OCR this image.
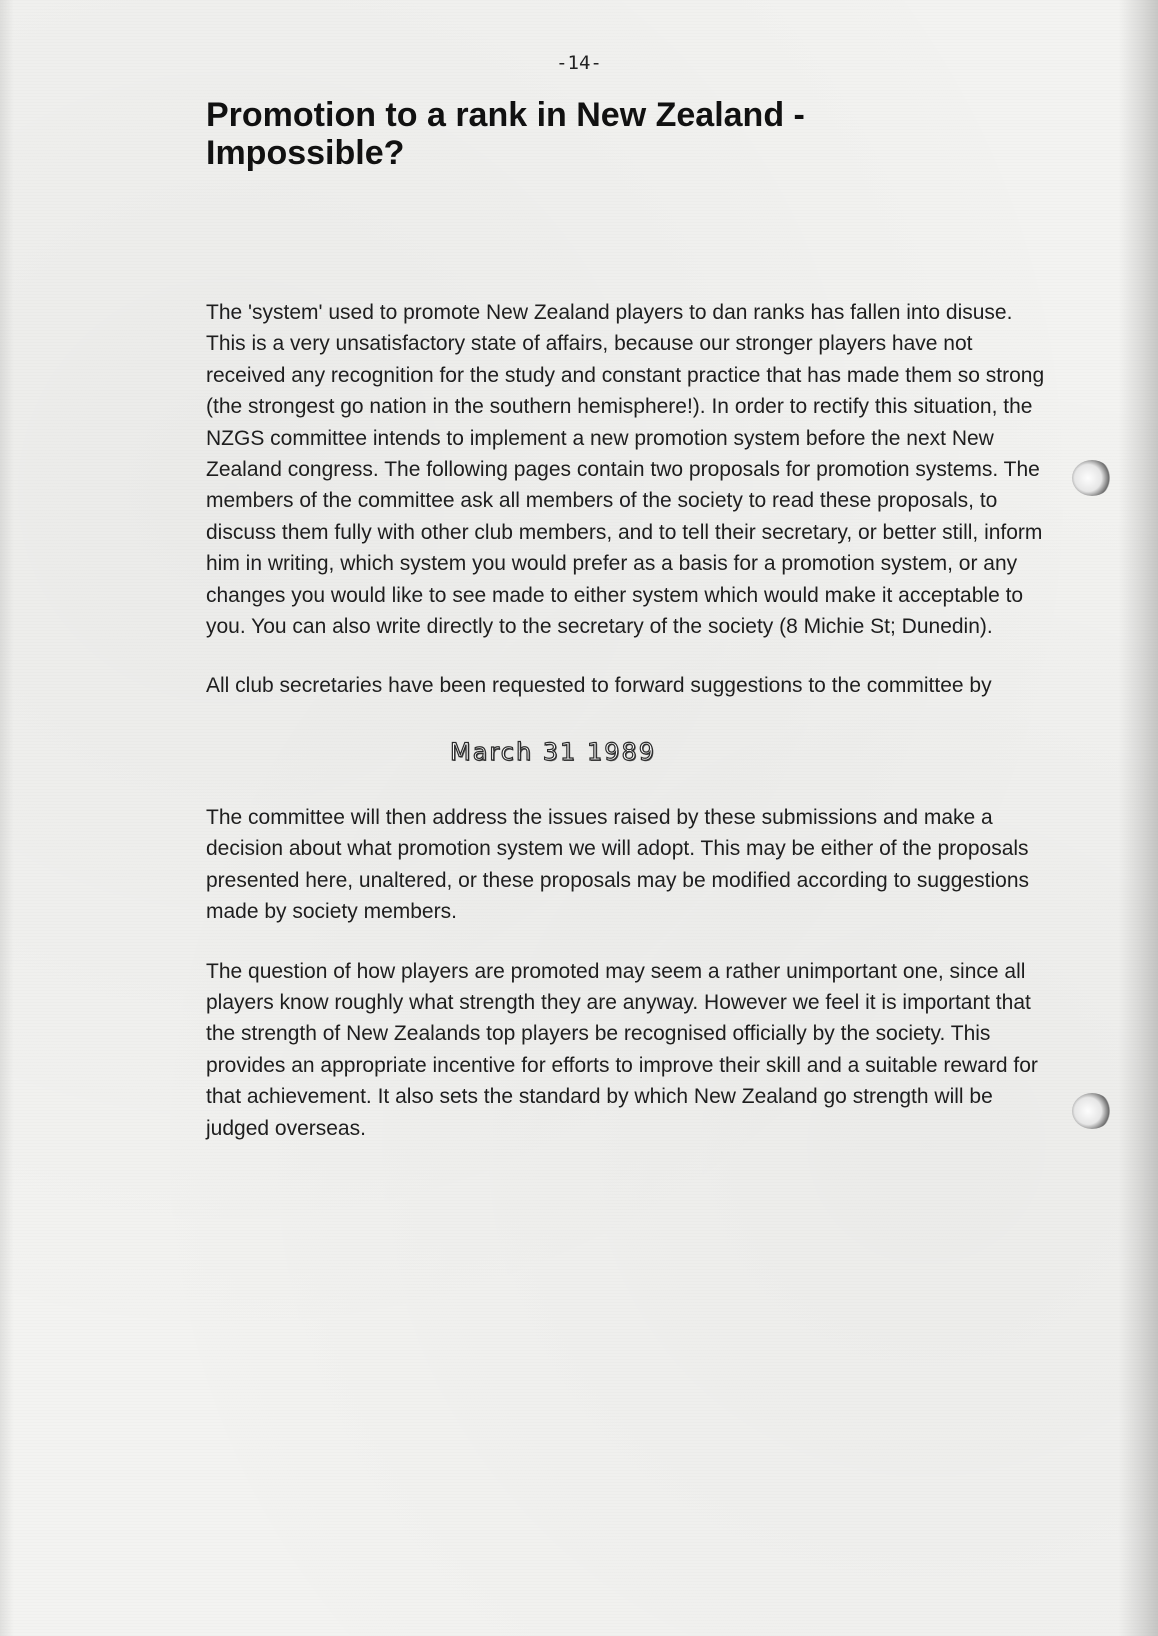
-14-
Promotion to a rank in New Zealand -
Impossible?

The 'system' used to promote New Zealand players to dan ranks has fallen into disuse. This is a very unsatisfactory state of affairs, because our stronger players have not received any recognition for the study and constant practice that has made them so strong (the strongest go nation in the southern hemisphere!). In order to rectify this situation, the NZGS committee intends to implement a new promotion system before the next New Zealand congress. The following pages contain two proposals for promotion systems. The members of the committee ask all members of the society to read these proposals, to discuss them fully with other club members, and to tell their secretary, or better still, inform him in writing, which system you would prefer as a basis for a promotion system, or any changes you would like to see made to either system which would make it acceptable to you. You can also write directly to the secretary of the society (8 Michie St; Dunedin).

All club secretaries have been requested to forward suggestions to the committee by

March 31 1989

The committee will then address the issues raised by these submissions and make a decision about what promotion system we will adopt. This may be either of the proposals presented here, unaltered, or these proposals may be modified according to suggestions made by society members.

The question of how players are promoted may seem a rather unimportant one, since all players know roughly what strength they are anyway. However we feel it is important that the strength of New Zealands top players be recognised officially by the society. This provides an appropriate incentive for efforts to improve their skill and a suitable reward for that achievement. It also sets the standard by which New Zealand go strength will be judged overseas.
